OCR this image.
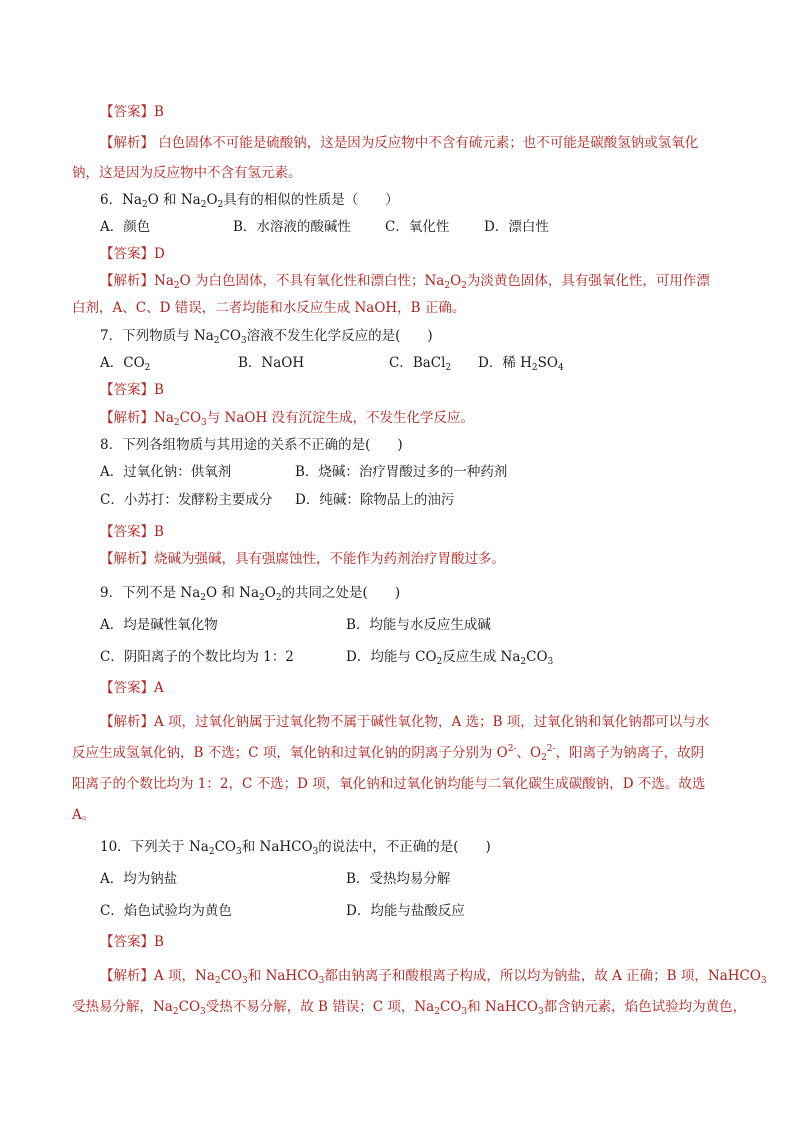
【答案】B
【解析】 白色固体不可能是硫酸钠，这是因为反应物中不含有硫元素；也不可能是碳酸氢钠或氢氧化
钠，这是因为反应物中不含有氢元素。
6．$Na_2O$ 和 $Na_2O_2$具有的相似的性质是（　　）
A．颜色	B．水溶液的酸碱性	C．氧化性	D．漂白性
【答案】D
【解析】$Na_2O$ 为白色固体，不具有氧化性和漂白性；$Na_2O_2$为淡黄色固体，具有强氧化性，可用作漂
白剂，A、C、D 错误，二者均能和水反应生成 NaOH，B 正确。
7．下列物质与 $Na_2CO_3$溶液不发生化学反应的是(　　)
A．$CO_2$	B．NaOH	C．BaCl$_2$ D．稀 $H_2SO_4$
【答案】B
【解析】$Na_2CO_3$与 NaOH 没有沉淀生成，不发生化学反应。
8．下列各组物质与其用途的关系不正确的是(　　)
A．过氧化钠：供氧剂	B．烧碱：治疗胃酸过多的一种药剂
C．小苏打：发酵粉主要成分 D．纯碱：除物品上的油污
【答案】B
【解析】烧碱为强碱，具有强腐蚀性，不能作为药剂治疗胃酸过多。
9．下列不是 $Na_2O$ 和 $Na_2O_2$的共同之处是(　　)
A．均是碱性氧化物	B．均能与水反应生成碱
C．阴阳离子的个数比均为 1：2	D．均能与 $CO_2$反应生成 $Na_2CO_3$
【答案】A
【解析】A 项，过氧化钠属于过氧化物不属于碱性氧化物，A 选；B 项，过氧化钠和氧化钠都可以与水
反应生成氢氧化钠，B 不选；C 项，氧化钠和过氧化钠的阴离子分别为 $O^{2-}$、$O_2^{2-}$，阳离子为钠离子，故阴
阳离子的个数比均为 1：2，C 不选；D 项，氧化钠和过氧化钠均能与二氧化碳生成碳酸钠，D 不选。故选
A。
10．下列关于 $Na_2CO_3$和 NaHCO$_3$的说法中，不正确的是(　　)
A．均为钠盐	B．受热均易分解
C．焰色试验均为黄色	D．均能与盐酸反应
【答案】B
【解析】A 项，$Na_2CO_3$和 NaHCO$_3$都由钠离子和酸根离子构成，所以均为钠盐，故 A 正确；B 项，NaHCO$_3$
受热易分解，$Na_2CO_3$受热不易分解，故 B 错误；C 项，$Na_2CO_3$和 NaHCO$_3$都含钠元素，焰色试验均为黄色，
